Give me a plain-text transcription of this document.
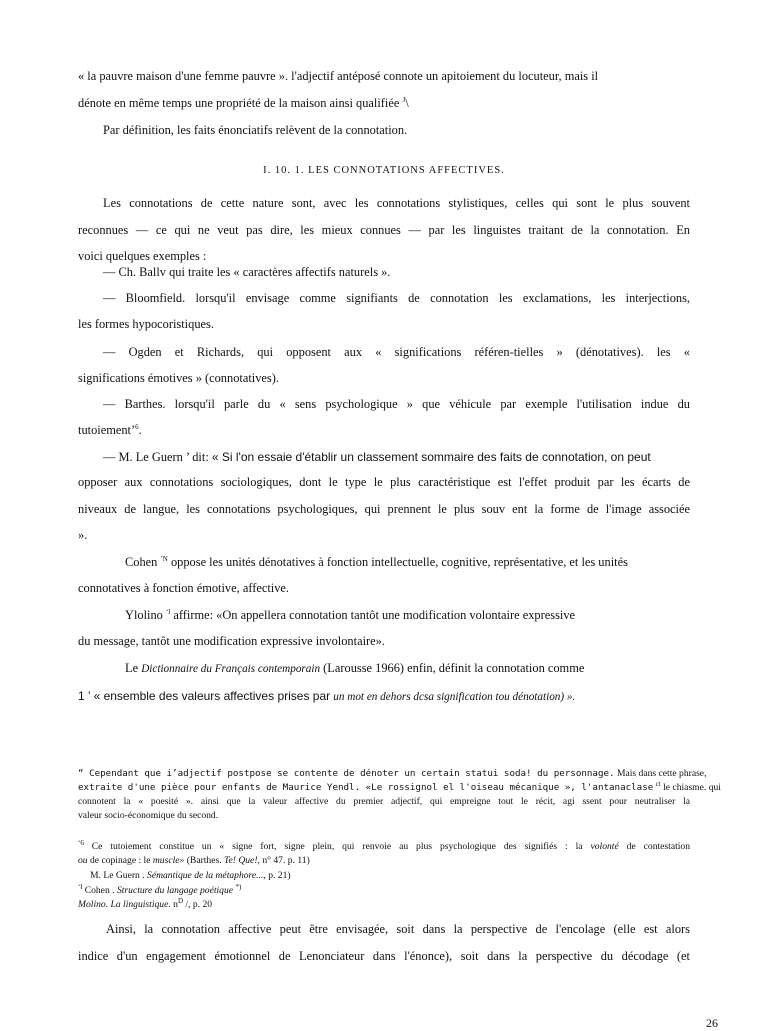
« la pauvre maison d'une femme pauvre ». l'adjectif antéposé connote un apitoiement du locuteur, mais il
dénote en même temps une propriété de la maison ainsi qualifiée $^J$\
Par définition, les faits énonciatifs relèvent de la connotation.
I. 10. 1. LES CONNOTATIONS AFFECTIVES.
Les connotations de cette nature sont, avec les connotations stylistiques, celles qui sont le plus souvent
reconnues — ce qui ne veut pas dire, les mieux connues — par les linguistes traitant de la connotation. En
voici quelques exemples :
— Ch. Ballv qui traite les « caractères affectifs naturels ».
— Bloomfield. lorsqu'il envisage comme signifiants de connotation les exclamations, les interjections,
les formes hypocoristiques.
— Ogden et Richards, qui opposent aux « significations référen-tielles » (dénotatives). les «
significations émotives » (connotatives).
— Barthes. lorsqu'il parle du « sens psychologique » que véhicule par exemple l'utilisation indue du
tutoiement’$^6$.
— M. Le Guern ’ dit: « Si l'on essaie d'établir un classement sommaire des faits de connotation, on peut
opposer aux connotations sociologiques, dont le type le plus caractéristique est l'effet produit par les écarts de
niveaux de langue, les connotations psychologiques, qui prennent le plus souv ent la forme de l'image associée
».
Cohen $^{’N}$ oppose les unités dénotatives à fonction intellectuelle, cognitive, représentative, et les unités
connotatives à fonction émotive, affective.
Ylolino $^{‘l}$ affirme: «On appellera connotation tantôt une modification volontaire expressive
du message, tantôt une modification expressive involontaire».
Le Dictionnaire du Français contemporain (Larousse 1966) enfin, définit la connotation comme
1 ’ « ensemble des valeurs affectives prises par un mot en dehors dcsa signification tou dénotation) ».
“ Cependant que i’adjectif postpose se contente de dénoter un certain statui soda! du personnage. Mais dans cette phrase,
extraite d'une pièce pour enfants de Maurice Yendl. «Le rossignol el l'oiseau mécanique », l'antanaclase $^{ct}$ le chiasme. qui
connotent la « poesité ». ainsi que la valeur affective du premier adjectif, qui empreigne tout le récit, agi ssent pour neutraliser la
valeur socio-économique du second.
$^{‘6}$ Ce tutoiement constitue un « signe fort, signe plein, qui renvoie au plus psychologique des signifiés : la volonté de contestation
ou de copinage : le muscle» (Barthes. Te! Que!, n° 47. p. 11)
M. Le Guern . Sémantique de la métaphore..., p. 21)
$^{‘ł}$ Cohen . Structure du langage poétique *)
Molino. La linguistique. $n^D$ /, p. 20
Ainsi, la connotation affective peut être envisagée, soit dans la perspective de l'encolage (elle est alors
indice d'un engagement émotionnel de Lenonciateur dans l'énonce), soit dans la perspective du décodage (et
26
